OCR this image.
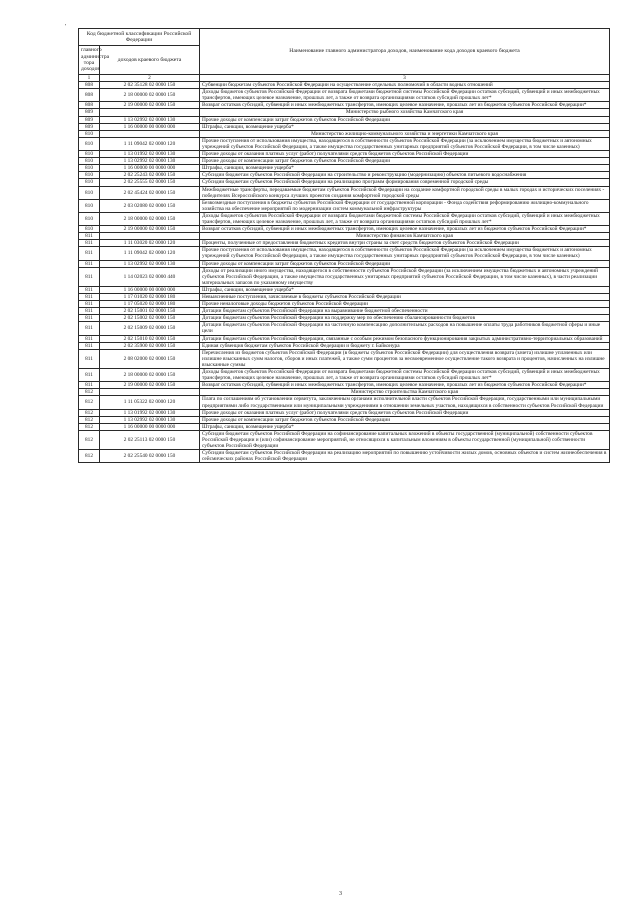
'
Код бюджетной классификации Российской Федерации		Наименование главного администратора доходов, наименование кода доходов краевого бюджета
главного администра тора доходов	доходов краевого бюджета	
1	2	3
808	2 02 35128 02 0000 150	Субвенции бюджетам субъектов Российской Федерации на осуществление отдельных полномочий в области водных отношений
808	2 18 00000 02 0000 150	Доходы бюджетов субъектов Российской Федерации от возврата бюджетами бюджетной системы Российской Федерации остатков субсидий, субвенций и иных межбюджетных трансфертов, имеющих целевое назначение, прошлых лет, а также от возврата организациями остатков субсидий прошлых лет*
808	2 19 00000 02 0000 150	Возврат остатков субсидий, субвенций и иных межбюджетных трансфертов, имеющих целевое назначение, прошлых лет из бюджетов субъектов Российской Федерации*
809		Министерство рыбного хозяйства Камчатского края
809	1 13 02992 02 0000 130	Прочие доходы от компенсации затрат бюджетов субъектов Российской Федерации
809	1 16 00000 00 0000 000	Штрафы, санкции, возмещение ущерба*
810		Министерство жилищно-коммунального хозяйства и энергетики Камчатского края
810	1 11 09042 02 0000 120	Прочие поступления от использования имущества, находящегося в собственности субъектов Российской Федерации (за исключением имущества бюджетных и автономных учреждений субъектов Российской Федерации, а также имущества государственных унитарных предприятий субъектов Российской Федерации, в том числе казенных)
810	1 13 01992 02 0000 130	Прочие доходы от оказания платных услуг (работ) получателями средств бюджетов субъектов Российской Федерации
810	1 13 02992 02 0000 130	Прочие доходы от компенсации затрат бюджетов субъектов Российской Федерации
810	1 16 00000 00 0000 000	Штрафы, санкции, возмещение ущерба*
810	2 02 25243 02 0000 150	Субсидии бюджетам субъектов Российской Федерации на строительство и реконструкцию (модернизацию) объектов питьевого водоснабжения
810	2 02 25555 02 0000 150	Субсидии бюджетам субъектов Российской Федерации на реализацию программ формирования современной городской среды
810	2 02 45424 02 0000 150	Межбюджетные трансферты, передаваемые бюджетам субъектов Российской Федерации на создание комфортной городской среды в малых городах и исторических поселениях - победителях Всероссийского конкурса лучших проектов создания комфортной городской среды
810	2 03 02080 02 0000 150	Безвозмездные поступления в бюджеты субъектов Российской Федерации от государственной корпорации - Фонда содействия реформированию жилищно-коммунального хозяйства на обеспечение мероприятий по модернизации систем коммунальной инфраструктуры
810	2 18 00000 02 0000 150	Доходы бюджетов субъектов Российской Федерации от возврата бюджетами бюджетной системы Российской Федерации остатков субсидий, субвенций и иных межбюджетных трансфертов, имеющих целевое назначение, прошлых лет, а также от возврата организациями остатков субсидий прошлых лет*
810	2 19 00000 02 0000 150	Возврат остатков субсидий, субвенций и иных межбюджетных трансфертов, имеющих целевое назначение, прошлых лет из бюджетов субъектов Российской Федерации*
811		Министерство финансов Камчатского края
811	1 11 03020 02 0000 120	Проценты, полученные от предоставления бюджетных кредитов внутри страны за счет средств бюджетов субъектов Российской Федерации
811	1 11 09042 02 0000 120	Прочие поступления от использования имущества, находящегося в собственности субъектов Российской Федерации (за исключением имущества бюджетных и автономных учреждений субъектов Российской Федерации, а также имущества государственных унитарных предприятий субъектов Российской Федерации, в том числе казенных)
811	1 13 02992 02 0000 130	Прочие доходы от компенсации затрат бюджетов субъектов Российской Федерации
811	1 14 02023 02 0000 440	Доходы от реализации иного имущества, находящегося в собственности субъектов Российской Федерации (за исключением имущества бюджетных и автономных учреждений субъектов Российской Федерации, а также имущества государственных унитарных предприятий субъектов Российской Федерации, в том числе казенных), в части реализации материальных запасов по указанному имуществу
811	1 16 00000 00 0000 000	Штрафы, санкции, возмещение ущерба*
811	1 17 01020 02 0000 180	Невыясненные поступления, зачисляемые в бюджеты субъектов Российской Федерации
811	1 17 05020 02 0000 180	Прочие неналоговые доходы бюджетов субъектов Российской Федерации
811	2 02 15001 02 0000 150	Дотации бюджетам субъектов Российской Федерации на выравнивание бюджетной обеспеченности
811	2 02 15002 02 0000 150	Дотации бюджетам субъектов Российской Федерации на поддержку мер по обеспечению сбалансированности бюджетов
811	2 02 15009 02 0000 150	Дотации бюджетам субъектов Российской Федерации на частичную компенсацию дополнительных расходов на повышение оплаты труда работников бюджетной сферы и иные цели
811	2 02 15010 02 0000 150	Дотации бюджетам субъектов Российской Федерации, связанные с особым режимом безопасного функционирования закрытых административно-территориальных образований
811	2 02 35900 02 0000 150	Единая субвенция бюджетам субъектов Российской Федерации и бюджету г. Байконура
811	2 08 02000 02 0000 150	Перечисления из бюджетов субъектов Российской Федерации (в бюджеты субъектов Российской Федерации) для осуществления возврата (зачета) излишне уплаченных или излишне взысканных сумм налогов, сборов и иных платежей, а также сумм процентов за несвоевременное осуществление такого возврата и процентов, начисленных на излишне взысканные суммы
811	2 18 00000 02 0000 150	Доходы бюджетов субъектов Российской Федерации от возврата бюджетами бюджетной системы Российской Федерации остатков субсидий, субвенций и иных межбюджетных трансфертов, имеющих целевое назначение, прошлых лет, а также от возврата организациями остатков субсидий прошлых лет*
811	2 19 00000 02 0000 150	Возврат остатков субсидий, субвенций и иных межбюджетных трансфертов, имеющих целевое назначение, прошлых лет из бюджетов субъектов Российской Федерации*
812		Министерство строительства Камчатского края
812	1 11 05322 02 0000 120	Плата по соглашениям об установлении сервитута, заключенным органами исполнительной власти субъектов Российской Федерации, государственными или муниципальными предприятиями либо государственными или муниципальными учреждениями в отношении земельных участков, находящихся в собственности субъектов Российской Федерации
812	1 13 01992 02 0000 130	Прочие доходы от оказания платных услуг (работ) получателями средств бюджетов субъектов Российской Федерации
812	1 13 02992 02 0000 130	Прочие доходы от компенсации затрат бюджетов субъектов Российской Федерации
812	1 16 00000 00 0000 000	Штрафы, санкции, возмещение ущерба*
812	2 02 25113 02 0000 150	Субсидии бюджетам субъектов Российской Федерации на софинансирование капитальных вложений в объекты государственной (муниципальной) собственности субъектов Российской Федерации и (или) софинансирование мероприятий, не относящихся к капитальным вложениям в объекты государственной (муниципальной) собственности субъектов Российской Федерации
812	2 02 25540 02 0000 150	Субсидии бюджетам субъектов Российской Федерации на реализацию мероприятий по повышению устойчивости жилых домов, основных объектов и систем жизнеобеспечения в сейсмических районах Российской Федерации
3
